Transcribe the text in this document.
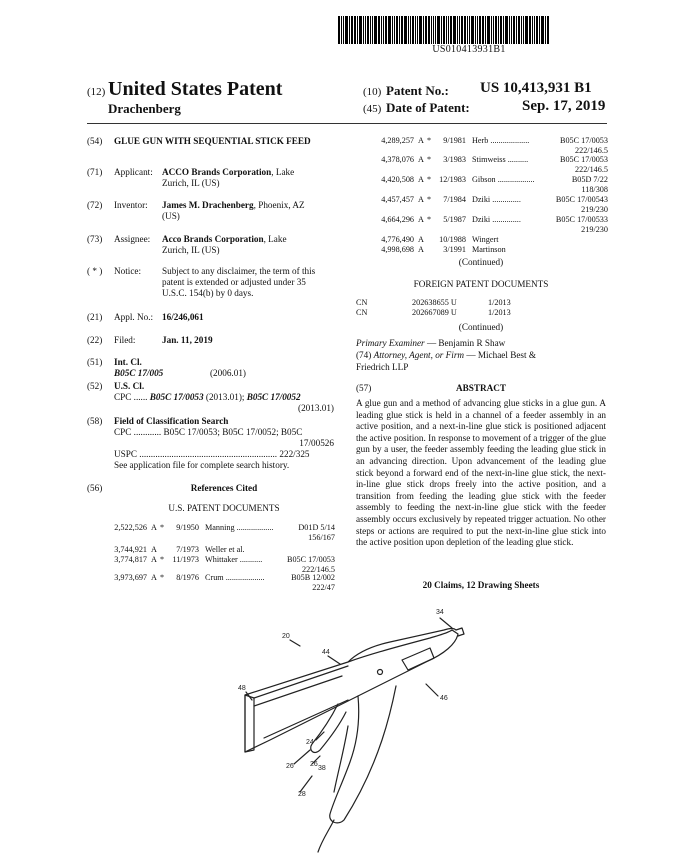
US010413931B1
(12) United States Patent
Drachenberg
(10) Patent No.: US 10,413,931 B1
(45) Date of Patent:	Sep. 17, 2019
(54) GLUE GUN WITH SEQUENTIAL STICK FEED
(71) Applicant: ACCO Brands Corporation, Lake
Zurich, IL (US)
(72) Inventor: James M. Drachenberg, Phoenix, AZ
(US)
(73) Assignee: Acco Brands Corporation, Lake
Zurich, IL (US)
( * ) Notice: Subject to any disclaimer, the term of this
patent is extended or adjusted under 35
U.S.C. 154(b) by 0 days.
(21) Appl. No.: 16/246,061
(22) Filed:	Jan. 11, 2019
(51) Int. Cl.
B05C 17/005	(2006.01)
(52) U.S. Cl.
CPC ...... B05C 17/0053 (2013.01); B05C 17/0052
(2013.01)
(58) Field of Classification Search
CPC ............ B05C 17/0053; B05C 17/0052; B05C
17/00526
USPC ............................................................ 222/325
See application file for complete search history.
(56)	References Cited
U.S. PATENT DOCUMENTS
2,522,526 A *	9/1950 Manning ..................	D01D 5/14
156/167
3,744,921 A	7/1973 Weller et al.
3,774,817 A *	11/1973 Whittaker ...........	B05C 17/0053
222/146.5
3,973,697 A *	8/1976 Crum ...................	B05B 12/002
222/47
4,289,257 A *	9/1981 Herb ...................	B05C 17/0053
222/146.5
4,378,076 A *	3/1983 Stimweiss ..........	B05C 17/0053
222/146.5
4,420,508 A * 12/1983 Gibson ..................	B05D 7/22
118/308
4,457,457 A *	7/1984 Dziki ..............	B05C 17/00543
219/230
4,664,296 A *	5/1987 Dziki ..............	B05C 17/00533
219/230
4,776,490 A	10/1988 Wingert
4,998,698 A	3/1991 Martinson
(Continued)
FOREIGN PATENT DOCUMENTS
CN	202638655 U	1/2013
CN	202667089 U	1/2013
(Continued)
Primary Examiner — Benjamin R Shaw
(74) Attorney, Agent, or Firm — Michael Best &
Friedrich LLP
(57)	ABSTRACT
A glue gun and a method of advancing glue sticks in a glue gun. A leading glue stick is held in a channel of a feeder assembly in an active position, and a next-in-line glue stick is positioned adjacent the active position. In response to movement of a trigger of the glue gun by a user, the feeder assembly feeding the leading glue stick in an advancing direction. Upon advancement of the leading glue stick beyond a forward end of the next-in-line glue stick, the next-in-line glue stick drops freely into the active position, and a transition from feeding the leading glue stick with the feeder assembly to feeding the next-in-line glue stick with the feeder assembly occurs exclusively by repeated trigger actuation. No other steps or actions are required to put the next-in-line glue stick into the active position upon depletion of the leading glue stick.
20 Claims, 12 Drawing Sheets
20
34
44
48
46
24
38
26
28
26
